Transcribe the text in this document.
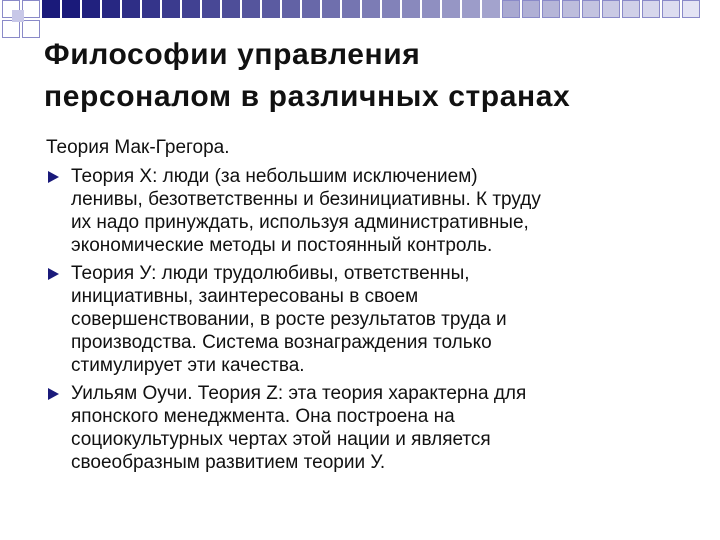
Философии управления
персоналом в различных странах

Теория Мак-Грегора.

Теория X: люди (за небольшим исключением)
ленивы, безответственны и безинициативны. К труду
их надо принуждать, используя административные,
экономические методы и постоянный контроль.
Теория У: люди трудолюбивы, ответственны,
инициативны, заинтересованы в своем
совершенствовании, в росте результатов труда и
производства. Система вознаграждения только
стимулирует эти качества.
Уильям Оучи. Теория Z: эта теория характерна для
японского менеджмента. Она построена на
социокультурных чертах этой нации и является
своеобразным развитием теории У.
